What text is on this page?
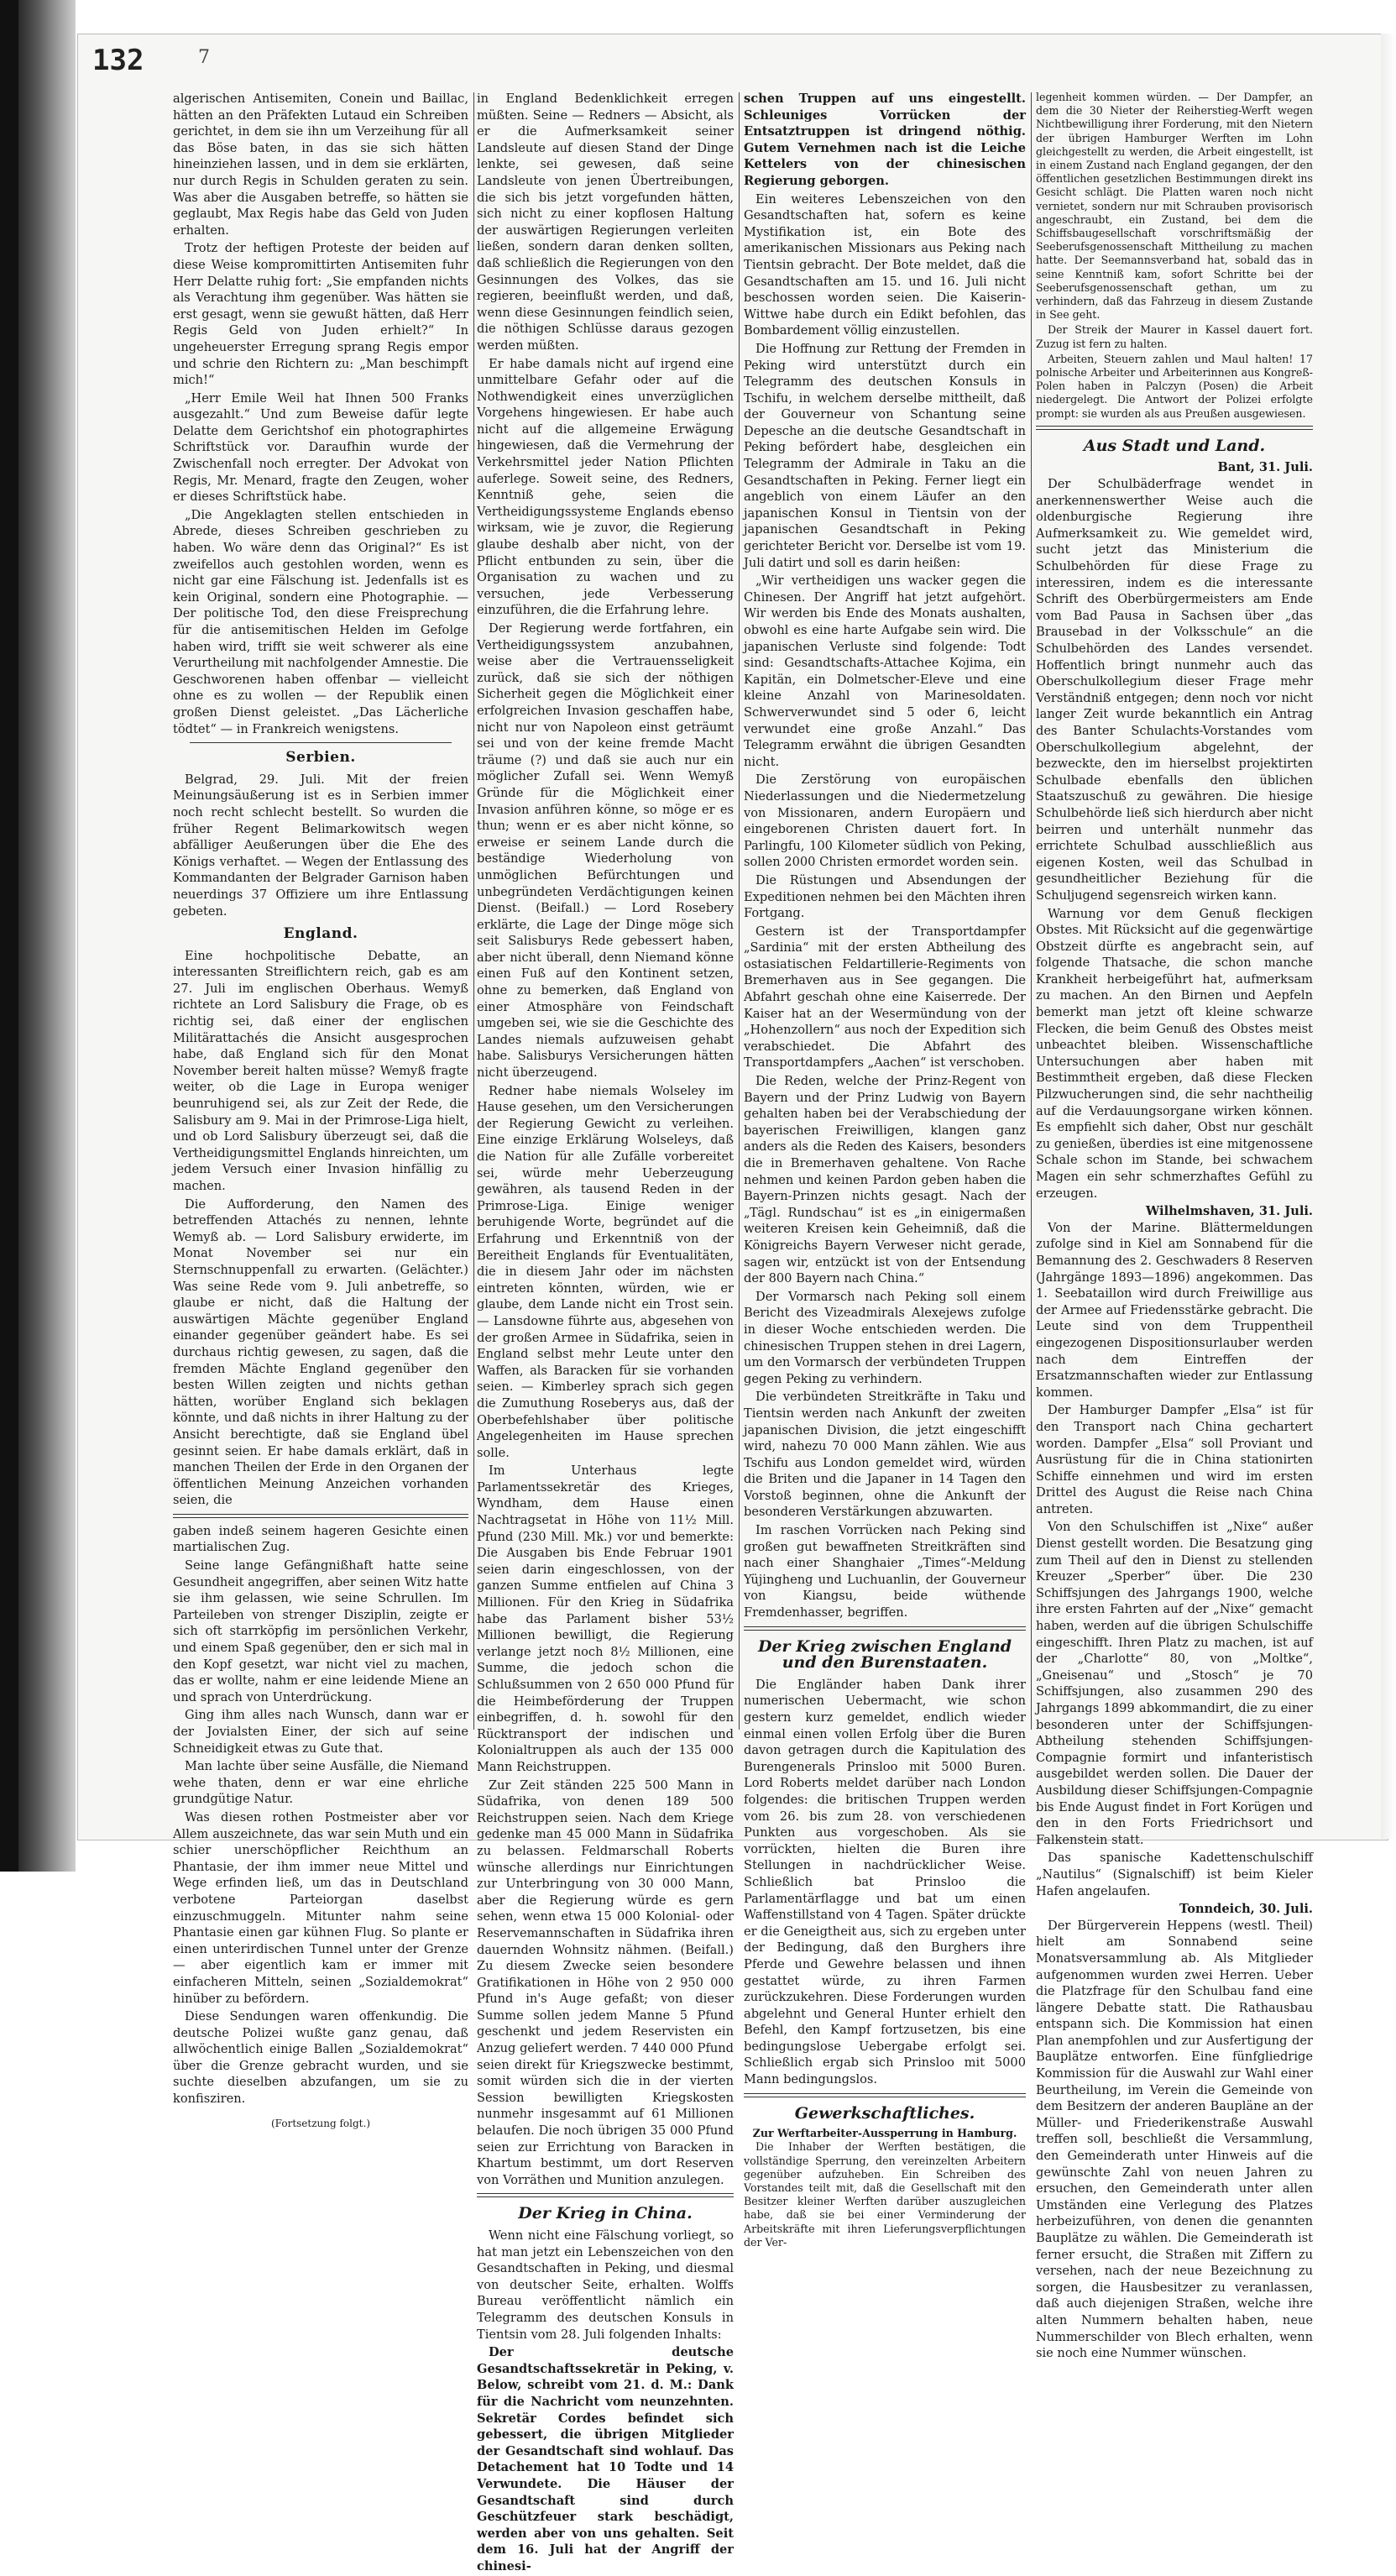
132	7

algerischen Antisemiten, Conein und Baillac, hätten an den Präfekten Lutaud ein Schreiben gerichtet, in dem sie ihn um Verzeihung für all das Böse baten, in das sie sich hätten hineinziehen lassen, und in dem sie erklärten, nur durch Regis in Schulden geraten zu sein. Was aber die Ausgaben betreffe, so hätten sie geglaubt, Max Regis habe das Geld von Juden erhalten.

Trotz der heftigen Proteste der beiden auf diese Weise kompromittirten Antisemiten fuhr Herr Delatte ruhig fort: „Sie empfanden nichts als Verachtung ihm gegenüber. Was hätten sie erst gesagt, wenn sie gewußt hätten, daß Herr Regis Geld von Juden erhielt?“ In ungeheuerster Erregung sprang Regis empor und schrie den Richtern zu: „Man beschimpft mich!“

„Herr Emile Weil hat Ihnen 500 Franks ausgezahlt.“ Und zum Beweise dafür legte Delatte dem Gerichtshof ein photographirtes Schriftstück vor. Daraufhin wurde der Zwischenfall noch erregter. Der Advokat von Regis, Mr. Menard, fragte den Zeugen, woher er dieses Schriftstück habe.

„Die Angeklagten stellen entschieden in Abrede, dieses Schreiben geschrieben zu haben. Wo wäre denn das Original?“ Es ist zweifellos auch gestohlen worden, wenn es nicht gar eine Fälschung ist. Jedenfalls ist es kein Original, sondern eine Photographie. — Der politische Tod, den diese Freisprechung für die antisemitischen Helden im Gefolge haben wird, trifft sie weit schwerer als eine Verurtheilung mit nachfolgender Amnestie. Die Geschworenen haben offenbar — vielleicht ohne es zu wollen — der Republik einen großen Dienst geleistet. „Das Lächerliche tödtet“ — in Frankreich wenigstens.

Serbien.

Belgrad, 29. Juli. Mit der freien Meinungsäußerung ist es in Serbien immer noch recht schlecht bestellt. So wurden die früher Regent Belimarkowitsch wegen abfälliger Aeußerungen über die Ehe des Königs verhaftet. — Wegen der Entlassung des Kommandanten der Belgrader Garnison haben neuerdings 37 Offiziere um ihre Entlassung gebeten.

England.

Eine hochpolitische Debatte, an interessanten Streiflichtern reich, gab es am 27. Juli im englischen Oberhaus. Wemyß richtete an Lord Salisbury die Frage, ob es richtig sei, daß einer der englischen Militärattachés die Ansicht ausgesprochen habe, daß England sich für den Monat November bereit halten müsse? Wemyß fragte weiter, ob die Lage in Europa weniger beunruhigend sei, als zur Zeit der Rede, die Salisbury am 9. Mai in der Primrose-Liga hielt, und ob Lord Salisbury überzeugt sei, daß die Vertheidigungsmittel Englands hinreichten, um jedem Versuch einer Invasion hinfällig zu machen.

Die Aufforderung, den Namen des betreffenden Attachés zu nennen, lehnte Wemyß ab. — Lord Salisbury erwiderte, im Monat November sei nur ein Sternschnuppenfall zu erwarten. (Gelächter.) Was seine Rede vom 9. Juli anbetreffe, so glaube er nicht, daß die Haltung der auswärtigen Mächte gegenüber England einander gegenüber geändert habe. Es sei durchaus richtig gewesen, zu sagen, daß die fremden Mächte England gegenüber den besten Willen zeigten und nichts gethan hätten, worüber England sich beklagen könnte, und daß nichts in ihrer Haltung zu der Ansicht berechtigte, daß sie England übel gesinnt seien. Er habe damals erklärt, daß in manchen Theilen der Erde in den Organen der öffentlichen Meinung Anzeichen vorhanden seien, die

gaben indeß seinem hageren Gesichte einen martialischen Zug.

Seine lange Gefängnißhaft hatte seine Gesundheit angegriffen, aber seinen Witz hatte sie ihm gelassen, wie seine Schrullen. Im Parteileben von strenger Disziplin, zeigte er sich oft starrköpfig im persönlichen Verkehr, und einem Spaß gegenüber, den er sich mal in den Kopf gesetzt, war nicht viel zu machen, das er wollte, nahm er eine leidende Miene an und sprach von Unterdrückung.

Ging ihm alles nach Wunsch, dann war er der Jovialsten Einer, der sich auf seine Schneidigkeit etwas zu Gute that.

Man lachte über seine Ausfälle, die Niemand wehe thaten, denn er war eine ehrliche grundgütige Natur.

Was diesen rothen Postmeister aber vor Allem auszeichnete, das war sein Muth und ein schier unerschöpflicher Reichthum an Phantasie, der ihm immer neue Mittel und Wege erfinden ließ, um das in Deutschland verbotene Parteiorgan daselbst einzuschmuggeln. Mitunter nahm seine Phantasie einen gar kühnen Flug. So plante er einen unterirdischen Tunnel unter der Grenze — aber eigentlich kam er immer mit einfacheren Mitteln, seinen „Sozialdemokrat“ hinüber zu befördern.

Diese Sendungen waren offenkundig. Die deutsche Polizei wußte ganz genau, daß allwöchentlich einige Ballen „Sozialdemokrat“ über die Grenze gebracht wurden, und sie suchte dieselben abzufangen, um sie zu konfisziren.

(Fortsetzung folgt.)

in England Bedenklichkeit erregen müßten. Seine — Redners — Absicht, als er die Aufmerksamkeit seiner Landsleute auf diesen Stand der Dinge lenkte, sei gewesen, daß seine Landsleute von jenen Übertreibungen, die sich bis jetzt vorgefunden hätten, sich nicht zu einer kopflosen Haltung der auswärtigen Regierungen verleiten ließen, sondern daran denken sollten, daß schließlich die Regierungen von den Gesinnungen des Volkes, das sie regieren, beeinflußt werden, und daß, wenn diese Gesinnungen feindlich seien, die nöthigen Schlüsse daraus gezogen werden müßten.

Er habe damals nicht auf irgend eine unmittelbare Gefahr oder auf die Nothwendigkeit eines unverzüglichen Vorgehens hingewiesen. Er habe auch nicht auf die allgemeine Erwägung hingewiesen, daß die Vermehrung der Verkehrsmittel jeder Nation Pflichten auferlege. Soweit seine, des Redners, Kenntniß gehe, seien die Vertheidigungssysteme Englands ebenso wirksam, wie je zuvor, die Regierung glaube deshalb aber nicht, von der Pflicht entbunden zu sein, über die Organisation zu wachen und zu versuchen, jede Verbesserung einzuführen, die die Erfahrung lehre.

Der Regierung werde fortfahren, ein Vertheidigungssystem anzubahnen, weise aber die Vertrauensseligkeit zurück, daß sie sich der nöthigen Sicherheit gegen die Möglichkeit einer erfolgreichen Invasion geschaffen habe, nicht nur von Napoleon einst geträumt sei und von der keine fremde Macht träume (?) und daß sie auch nur ein möglicher Zufall sei. Wenn Wemyß Gründe für die Möglichkeit einer Invasion anführen könne, so möge er es thun; wenn er es aber nicht könne, so erweise er seinem Lande durch die beständige Wiederholung von unmöglichen Befürchtungen und unbegründeten Verdächtigungen keinen Dienst. (Beifall.) — Lord Rosebery erklärte, die Lage der Dinge möge sich seit Salisburys Rede gebessert haben, aber nicht überall, denn Niemand könne einen Fuß auf den Kontinent setzen, ohne zu bemerken, daß England von einer Atmosphäre von Feindschaft umgeben sei, wie sie die Geschichte des Landes niemals aufzuweisen gehabt habe. Salisburys Versicherungen hätten nicht überzeugend.

Redner habe niemals Wolseley im Hause gesehen, um den Versicherungen der Regierung Gewicht zu verleihen. Eine einzige Erklärung Wolseleys, daß die Nation für alle Zufälle vorbereitet sei, würde mehr Ueberzeugung gewähren, als tausend Reden in der Primrose-Liga. Einige weniger beruhigende Worte, begründet auf die Erfahrung und Erkenntniß von der Bereitheit Englands für Eventualitäten, die in diesem Jahr oder im nächsten eintreten könnten, würden, wie er glaube, dem Lande nicht ein Trost sein. — Lansdowne führte aus, abgesehen von der großen Armee in Südafrika, seien in England selbst mehr Leute unter den Waffen, als Baracken für sie vorhanden seien. — Kimberley sprach sich gegen die Zumuthung Roseberys aus, daß der Oberbefehlshaber über politische Angelegenheiten im Hause sprechen solle.

Im Unterhaus legte Parlamentssekretär des Krieges, Wyndham, dem Hause einen Nachtragsetat in Höhe von 11½ Mill. Pfund (230 Mill. Mk.) vor und bemerkte: Die Ausgaben bis Ende Februar 1901 seien darin eingeschlossen, von der ganzen Summe entfielen auf China 3 Millionen. Für den Krieg in Südafrika habe das Parlament bisher 53½ Millionen bewilligt, die Regierung verlange jetzt noch 8½ Millionen, eine Summe, die jedoch schon die Schlußsummen von 2 650 000 Pfund für die Heimbeförderung der Truppen einbegriffen, d. h. sowohl für den Rücktransport der indischen und Kolonialtruppen als auch der 135 000 Mann Reichstruppen.

Zur Zeit ständen 225 500 Mann in Südafrika, von denen 189 500 Reichstruppen seien. Nach dem Kriege gedenke man 45 000 Mann in Südafrika zu belassen. Feldmarschall Roberts wünsche allerdings nur Einrichtungen zur Unterbringung von 30 000 Mann, aber die Regierung würde es gern sehen, wenn etwa 15 000 Kolonial- oder Reservemannschaften in Südafrika ihren dauernden Wohnsitz nähmen. (Beifall.) Zu diesem Zwecke seien besondere Gratifikationen in Höhe von 2 950 000 Pfund in's Auge gefaßt; von dieser Summe sollen jedem Manne 5 Pfund geschenkt und jedem Reservisten ein Anzug geliefert werden. 7 440 000 Pfund seien direkt für Kriegszwecke bestimmt, somit würden sich die in der vierten Session bewilligten Kriegskosten nunmehr insgesammt auf 61 Millionen belaufen. Die noch übrigen 35 000 Pfund seien zur Errichtung von Baracken in Khartum bestimmt, um dort Reserven von Vorräthen und Munition anzulegen.

Der Krieg in China.

Wenn nicht eine Fälschung vorliegt, so hat man jetzt ein Lebenszeichen von den Gesandtschaften in Peking, und diesmal von deutscher Seite, erhalten. Wolffs Bureau veröffentlicht nämlich ein Telegramm des deutschen Konsuls in Tientsin vom 28. Juli folgenden Inhalts:

Der deutsche Gesandtschaftssekretär in Peking, v. Below, schreibt vom 21. d. M.: Dank für die Nachricht vom neunzehnten. Sekretär Cordes befindet sich gebessert, die übrigen Mitglieder der Gesandtschaft sind wohlauf. Das Detachement hat 10 Todte und 14 Verwundete. Die Häuser der Gesandtschaft sind durch Geschützfeuer stark beschädigt, werden aber von uns gehalten. Seit dem 16. Juli hat der Angriff der chinesi-

schen Truppen auf uns eingestellt. Schleuniges Vorrücken der Entsatztruppen ist dringend nöthig. Gutem Vernehmen nach ist die Leiche Kettelers von der chinesischen Regierung geborgen.

Ein weiteres Lebenszeichen von den Gesandtschaften hat, sofern es keine Mystifikation ist, ein Bote des amerikanischen Missionars aus Peking nach Tientsin gebracht. Der Bote meldet, daß die Gesandtschaften am 15. und 16. Juli nicht beschossen worden seien. Die Kaiserin-Wittwe habe durch ein Edikt befohlen, das Bombardement völlig einzustellen.

Die Hoffnung zur Rettung der Fremden in Peking wird unterstützt durch ein Telegramm des deutschen Konsuls in Tschifu, in welchem derselbe mittheilt, daß der Gouverneur von Schantung seine Depesche an die deutsche Gesandtschaft in Peking befördert habe, desgleichen ein Telegramm der Admirale in Taku an die Gesandtschaften in Peking. Ferner liegt ein angeblich von einem Läufer an den japanischen Konsul in Tientsin von der japanischen Gesandtschaft in Peking gerichteter Bericht vor. Derselbe ist vom 19. Juli datirt und soll es darin heißen:

„Wir vertheidigen uns wacker gegen die Chinesen. Der Angriff hat jetzt aufgehört. Wir werden bis Ende des Monats aushalten, obwohl es eine harte Aufgabe sein wird. Die japanischen Verluste sind folgende: Todt sind: Gesandtschafts-Attachee Kojima, ein Kapitän, ein Dolmetscher-Eleve und eine kleine Anzahl von Marinesoldaten. Schwerverwundet sind 5 oder 6, leicht verwundet eine große Anzahl.“ Das Telegramm erwähnt die übrigen Gesandten nicht.

Die Zerstörung von europäischen Niederlassungen und die Niedermetzelung von Missionaren, andern Europäern und eingeborenen Christen dauert fort. In Parlingfu, 100 Kilometer südlich von Peking, sollen 2000 Christen ermordet worden sein.

Die Rüstungen und Absendungen der Expeditionen nehmen bei den Mächten ihren Fortgang.

Gestern ist der Transportdampfer „Sardinia“ mit der ersten Abtheilung des ostasiatischen Feldartillerie-Regiments von Bremerhaven aus in See gegangen. Die Abfahrt geschah ohne eine Kaiserrede. Der Kaiser hat an der Wesermündung von der „Hohenzollern“ aus noch der Expedition sich verabschiedet. Die Abfahrt des Transportdampfers „Aachen“ ist verschoben.

Die Reden, welche der Prinz-Regent von Bayern und der Prinz Ludwig von Bayern gehalten haben bei der Verabschiedung der bayerischen Freiwilligen, klangen ganz anders als die Reden des Kaisers, besonders die in Bremerhaven gehaltene. Von Rache nehmen und keinen Pardon geben haben die Bayern-Prinzen nichts gesagt. Nach der „Tägl. Rundschau“ ist es „in einigermaßen weiteren Kreisen kein Geheimniß, daß die Königreichs Bayern Verweser nicht gerade, sagen wir, entzückt ist von der Entsendung der 800 Bayern nach China.“

Der Vormarsch nach Peking soll einem Bericht des Vizeadmirals Alexejews zufolge in dieser Woche entschieden werden. Die chinesischen Truppen stehen in drei Lagern, um den Vormarsch der verbündeten Truppen gegen Peking zu verhindern.

Die verbündeten Streitkräfte in Taku und Tientsin werden nach Ankunft der zweiten japanischen Division, die jetzt eingeschifft wird, nahezu 70 000 Mann zählen. Wie aus Tschifu aus London gemeldet wird, würden die Briten und die Japaner in 14 Tagen den Vorstoß beginnen, ohne die Ankunft der besonderen Verstärkungen abzuwarten.

Im raschen Vorrücken nach Peking sind großen gut bewaffneten Streitkräften sind nach einer Shanghaier „Times“-Meldung Yüjingheng und Luchuanlin, der Gouverneur von Kiangsu, beide wüthende Fremdenhasser, begriffen.

Der Krieg zwischen England und den Burenstaaten.

Die Engländer haben Dank ihrer numerischen Uebermacht, wie schon gestern kurz gemeldet, endlich wieder einmal einen vollen Erfolg über die Buren davon getragen durch die Kapitulation des Burengenerals Prinsloo mit 5000 Buren. Lord Roberts meldet darüber nach London folgendes: die britischen Truppen werden vom 26. bis zum 28. von verschiedenen Punkten aus vorgeschoben. Als sie vorrückten, hielten die Buren ihre Stellungen in nachdrücklicher Weise. Schließlich bat Prinsloo die Parlamentärflagge und bat um einen Waffenstillstand von 4 Tagen. Später drückte er die Geneigtheit aus, sich zu ergeben unter der Bedingung, daß den Burghers ihre Pferde und Gewehre belassen und ihnen gestattet würde, zu ihren Farmen zurückzukehren. Diese Forderungen wurden abgelehnt und General Hunter erhielt den Befehl, den Kampf fortzusetzen, bis eine bedingungslose Uebergabe erfolgt sei. Schließlich ergab sich Prinsloo mit 5000 Mann bedingungslos.

Gewerkschaftliches.
Zur Werftarbeiter-Aussperrung in Hamburg.

Die Inhaber der Werften bestätigen, die vollständige Sperrung, den vereinzelten Arbeitern gegenüber aufzuheben. Ein Schreiben des Vorstandes teilt mit, daß die Gesellschaft mit den Besitzer kleiner Werften darüber auszugleichen habe, daß sie bei einer Verminderung der Arbeitskräfte mit ihren Lieferungsverpflichtungen der Ver-

legenheit kommen würden. — Der Dampfer, an dem die 30 Nieter der Reiherstieg-Werft wegen Nichtbewilligung ihrer Forderung, mit den Nietern der übrigen Hamburger Werften im Lohn gleichgestellt zu werden, die Arbeit eingestellt, ist in einem Zustand nach England gegangen, der den öffentlichen gesetzlichen Bestimmungen direkt ins Gesicht schlägt. Die Platten waren noch nicht vernietet, sondern nur mit Schrauben provisorisch angeschraubt, ein Zustand, bei dem die Schiffsbaugesellschaft vorschriftsmäßig der Seeberufsgenossenschaft Mittheilung zu machen hatte. Der Seemannsverband hat, sobald das in seine Kenntniß kam, sofort Schritte bei der Seeberufsgenossenschaft gethan, um zu verhindern, daß das Fahrzeug in diesem Zustande in See geht.

Der Streik der Maurer in Kassel dauert fort. Zuzug ist fern zu halten.

Arbeiten, Steuern zahlen und Maul halten! 17 polnische Arbeiter und Arbeiterinnen aus Kongreß-Polen haben in Palczyn (Posen) die Arbeit niedergelegt. Die Antwort der Polizei erfolgte prompt: sie wurden als aus Preußen ausgewiesen.

Aus Stadt und Land.
Bant, 31. Juli.

Der Schulbäderfrage wendet in anerkennenswerther Weise auch die oldenburgische Regierung ihre Aufmerksamkeit zu. Wie gemeldet wird, sucht jetzt das Ministerium die Schulbehörden für diese Frage zu interessiren, indem es die interessante Schrift des Oberbürgermeisters am Ende vom Bad Pausa in Sachsen über „das Brausebad in der Volksschule“ an die Schulbehörden des Landes versendet. Hoffentlich bringt nunmehr auch das Oberschulkollegium dieser Frage mehr Verständniß entgegen; denn noch vor nicht langer Zeit wurde bekanntlich ein Antrag des Banter Schulachts-Vorstandes vom Oberschulkollegium abgelehnt, der bezweckte, den im hierselbst projektirten Schulbade ebenfalls den üblichen Staatszuschuß zu gewähren. Die hiesige Schulbehörde ließ sich hierdurch aber nicht beirren und unterhält nunmehr das errichtete Schulbad ausschließlich aus eigenen Kosten, weil das Schulbad in gesundheitlicher Beziehung für die Schuljugend segensreich wirken kann.

Warnung vor dem Genuß fleckigen Obstes. Mit Rücksicht auf die gegenwärtige Obstzeit dürfte es angebracht sein, auf folgende Thatsache, die schon manche Krankheit herbeigeführt hat, aufmerksam zu machen. An den Birnen und Aepfeln bemerkt man jetzt oft kleine schwarze Flecken, die beim Genuß des Obstes meist unbeachtet bleiben. Wissenschaftliche Untersuchungen aber haben mit Bestimmtheit ergeben, daß diese Flecken Pilzwucherungen sind, die sehr nachtheilig auf die Verdauungsorgane wirken können. Es empfiehlt sich daher, Obst nur geschält zu genießen, überdies ist eine mitgenossene Schale schon im Stande, bei schwachem Magen ein sehr schmerzhaftes Gefühl zu erzeugen.

Wilhelmshaven, 31. Juli.

Von der Marine. Blättermeldungen zufolge sind in Kiel am Sonnabend für die Bemannung des 2. Geschwaders 8 Reserven (Jahrgänge 1893—1896) angekommen. Das 1. Seebataillon wird durch Freiwillige aus der Armee auf Friedensstärke gebracht. Die Leute sind von dem Truppentheil eingezogenen Dispositionsurlauber werden nach dem Eintreffen der Ersatzmannschaften wieder zur Entlassung kommen.

Der Hamburger Dampfer „Elsa“ ist für den Transport nach China gechartert worden. Dampfer „Elsa“ soll Proviant und Ausrüstung für die in China stationirten Schiffe einnehmen und wird im ersten Drittel des August die Reise nach China antreten.

Von den Schulschiffen ist „Nixe“ außer Dienst gestellt worden. Die Besatzung ging zum Theil auf den in Dienst zu stellenden Kreuzer „Sperber“ über. Die 230 Schiffsjungen des Jahrgangs 1900, welche ihre ersten Fahrten auf der „Nixe“ gemacht haben, werden auf die übrigen Schulschiffe eingeschifft. Ihren Platz zu machen, ist auf der „Charlotte“ 80, von „Moltke“, „Gneisenau“ und „Stosch“ je 70 Schiffsjungen, also zusammen 290 des Jahrgangs 1899 abkommandirt, die zu einer besonderen unter der Schiffsjungen-Abtheilung stehenden Schiffsjungen-Compagnie formirt und infanteristisch ausgebildet werden sollen. Die Dauer der Ausbildung dieser Schiffsjungen-Compagnie bis Ende August findet in Fort Korügen und den in den Forts Friedrichsort und Falkenstein statt.

Das spanische Kadettenschulschiff „Nautilus“ (Signalschiff) ist beim Kieler Hafen angelaufen.

Tonndeich, 30. Juli.

Der Bürgerverein Heppens (westl. Theil) hielt am Sonnabend seine Monatsversammlung ab. Als Mitglieder aufgenommen wurden zwei Herren. Ueber die Platzfrage für den Schulbau fand eine längere Debatte statt. Die Rathausbau entspann sich. Die Kommission hat einen Plan anempfohlen und zur Ausfertigung der Bauplätze entworfen. Eine fünfgliedrige Kommission für die Auswahl zur Wahl einer Beurtheilung, im Verein die Gemeinde von dem Besitzern der anderen Baupläne an der Müller- und Friederikenstraße Auswahl treffen soll, beschließt die Versammlung, den Gemeinderath unter Hinweis auf die gewünschte Zahl von neuen Jahren zu ersuchen, den Gemeinderath unter allen Umständen eine Verlegung des Platzes herbeizuführen, von denen die genannten Bauplätze zu wählen. Die Gemeinderath ist ferner ersucht, die Straßen mit Ziffern zu versehen, nach der neue Bezeichnung zu sorgen, die Hausbesitzer zu veranlassen, daß auch diejenigen Straßen, welche ihre alten Nummern behalten haben, neue Nummerschilder von Blech erhalten, wenn sie noch eine Nummer wünschen.
